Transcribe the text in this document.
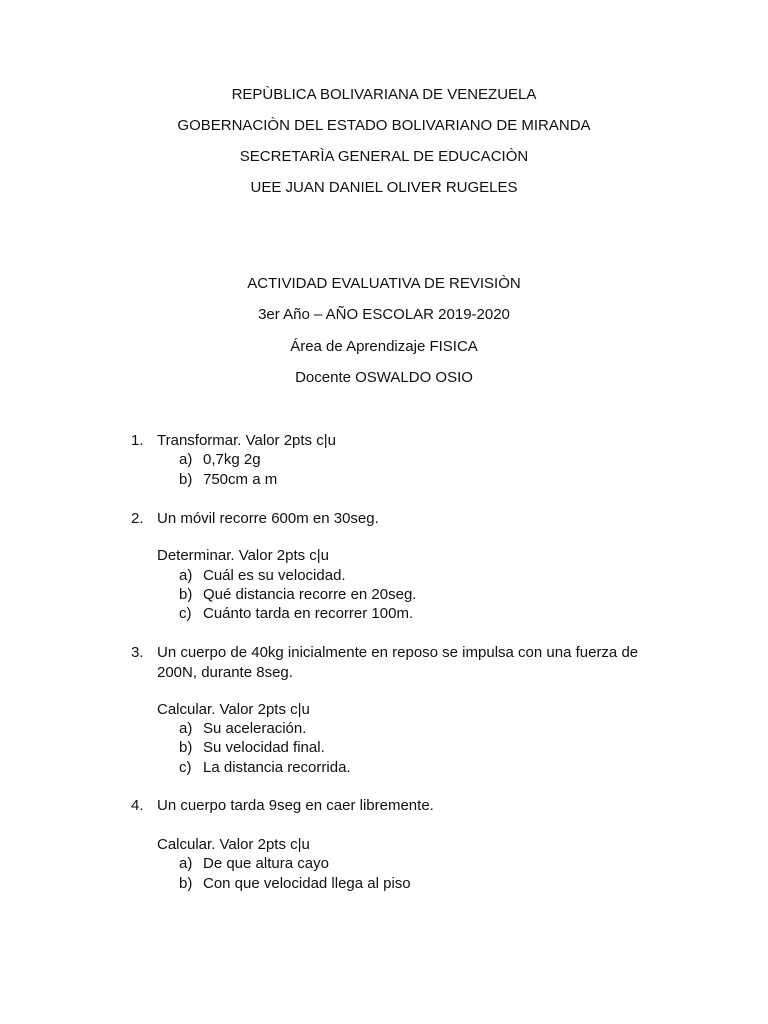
REPÙBLICA BOLIVARIANA DE VENEZUELA
GOBERNACIÒN DEL ESTADO BOLIVARIANO DE MIRANDA
SECRETARÌA GENERAL DE EDUCACIÒN
UEE JUAN DANIEL OLIVER RUGELES
ACTIVIDAD EVALUATIVA DE REVISIÒN
3er Año – AÑO ESCOLAR 2019-2020
Área de Aprendizaje FISICA
Docente OSWALDO OSIO
1. Transformar. Valor 2pts c|u
a) 0,7kg 2g
b) 750cm a m
2. Un móvil recorre 600m en 30seg.
Determinar. Valor 2pts c|u
a) Cuál es su velocidad.
b) Qué distancia recorre en 20seg.
c) Cuánto tarda en recorrer 100m.
3. Un cuerpo de 40kg inicialmente en reposo se impulsa con una fuerza de 200N, durante 8seg.
Calcular. Valor 2pts c|u
a) Su aceleración.
b) Su velocidad final.
c) La distancia recorrida.
4. Un cuerpo tarda 9seg en caer libremente.
Calcular. Valor 2pts c|u
a) De que altura cayo
b) Con que velocidad llega al piso
